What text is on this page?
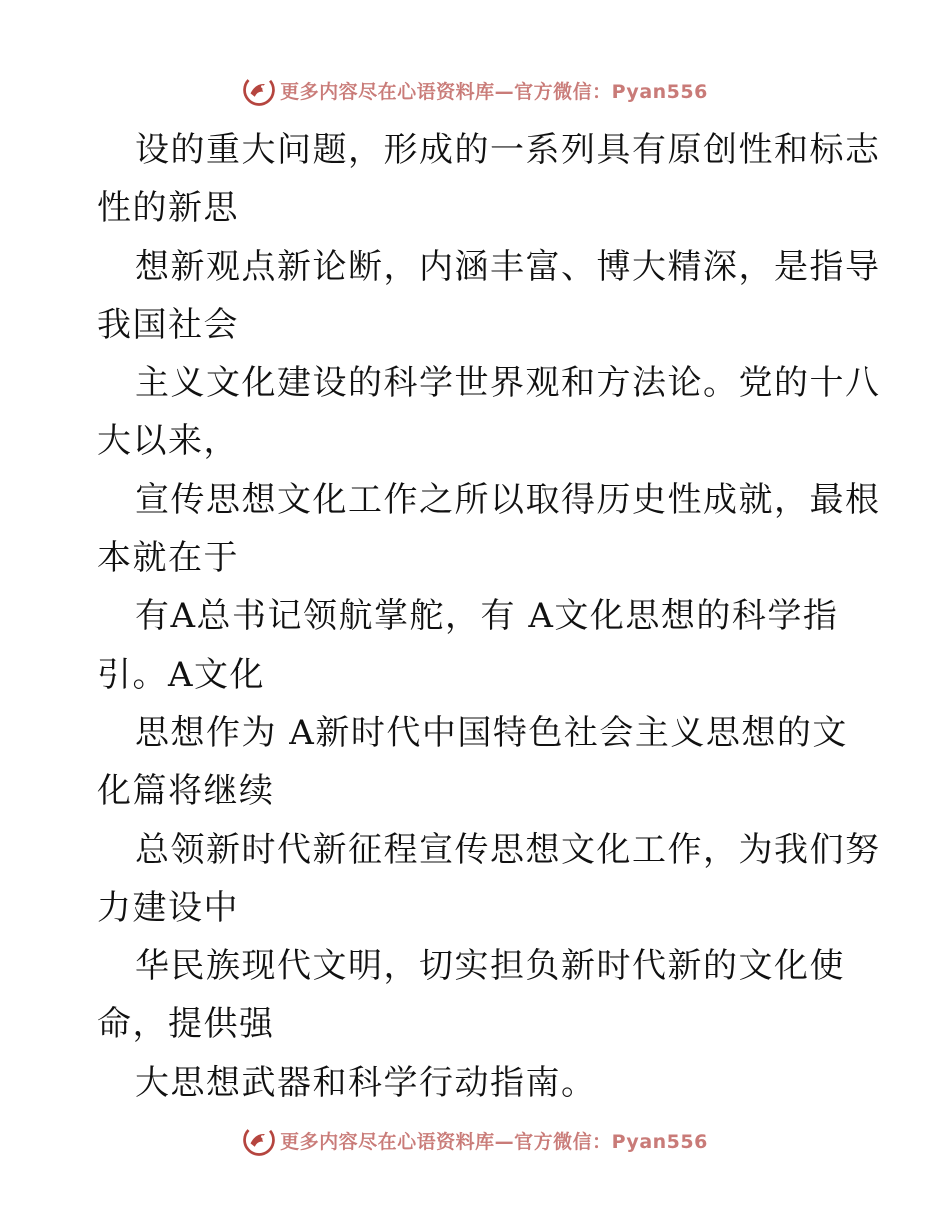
更多内容尽在心语资料库—官方微信：Pyan556
设的重大问题，形成的一系列具有原创性和标志
性的新思
想新观点新论断，内涵丰富、博大精深，是指导
我国社会
主义文化建设的科学世界观和方法论。党的十八
大以来，
宣传思想文化工作之所以取得历史性成就，最根
本就在于
有A总书记领航掌舵，有 A文化思想的科学指
引。A文化
思想作为 A新时代中国特色社会主义思想的文
化篇将继续
总领新时代新征程宣传思想文化工作，为我们努
力建设中
华民族现代文明，切实担负新时代新的文化使
命，提供强
大思想武器和科学行动指南。
更多内容尽在心语资料库—官方微信：Pyan556
